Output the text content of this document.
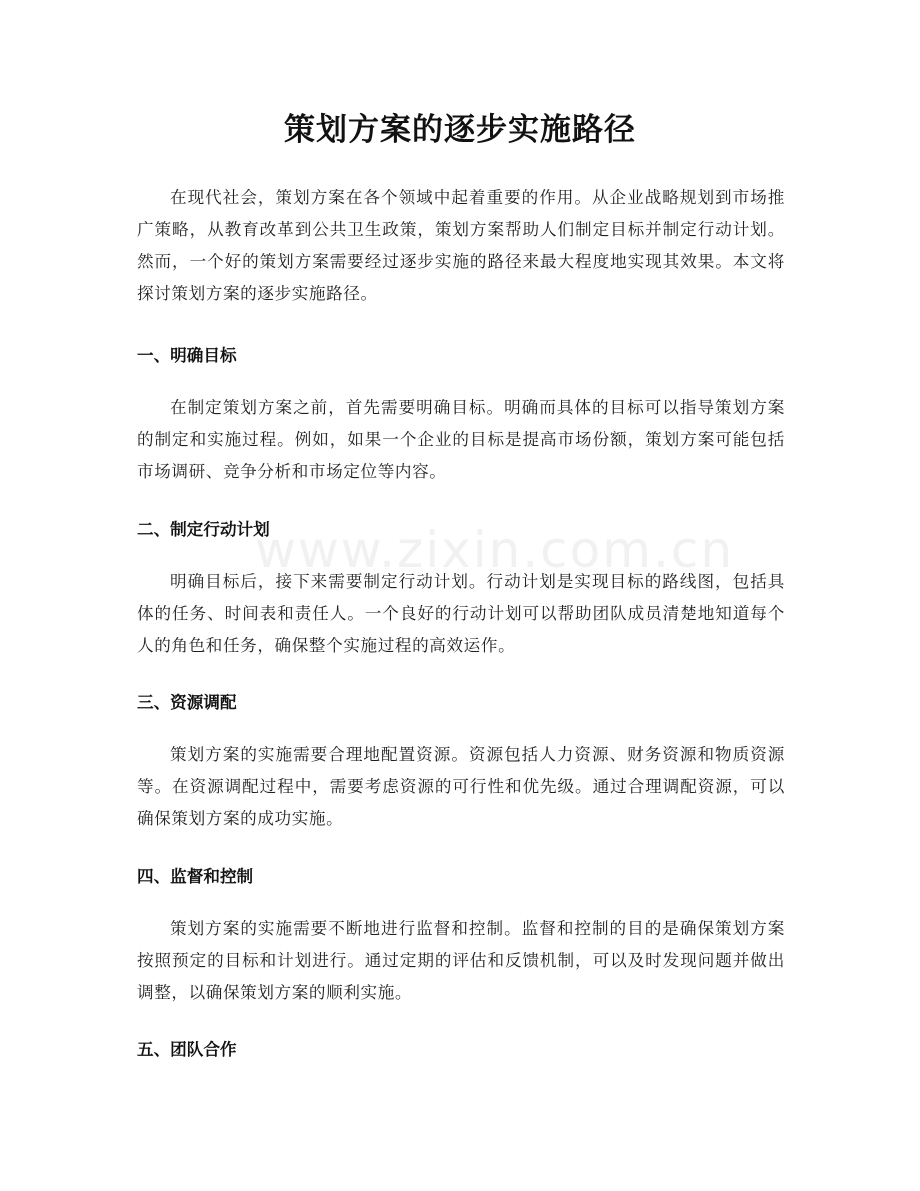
策划方案的逐步实施路径

在现代社会，策划方案在各个领域中起着重要的作用。从企业战略规划到市场推广策略，从教育改革到公共卫生政策，策划方案帮助人们制定目标并制定行动计划。然而，一个好的策划方案需要经过逐步实施的路径来最大程度地实现其效果。本文将探讨策划方案的逐步实施路径。

一、明确目标

在制定策划方案之前，首先需要明确目标。明确而具体的目标可以指导策划方案的制定和实施过程。例如，如果一个企业的目标是提高市场份额，策划方案可能包括市场调研、竞争分析和市场定位等内容。

二、制定行动计划

明确目标后，接下来需要制定行动计划。行动计划是实现目标的路线图，包括具体的任务、时间表和责任人。一个良好的行动计划可以帮助团队成员清楚地知道每个人的角色和任务，确保整个实施过程的高效运作。

三、资源调配

策划方案的实施需要合理地配置资源。资源包括人力资源、财务资源和物质资源等。在资源调配过程中，需要考虑资源的可行性和优先级。通过合理调配资源，可以确保策划方案的成功实施。

四、监督和控制

策划方案的实施需要不断地进行监督和控制。监督和控制的目的是确保策划方案按照预定的目标和计划进行。通过定期的评估和反馈机制，可以及时发现问题并做出调整，以确保策划方案的顺利实施。

五、团队合作
www.zixin.com.cn
